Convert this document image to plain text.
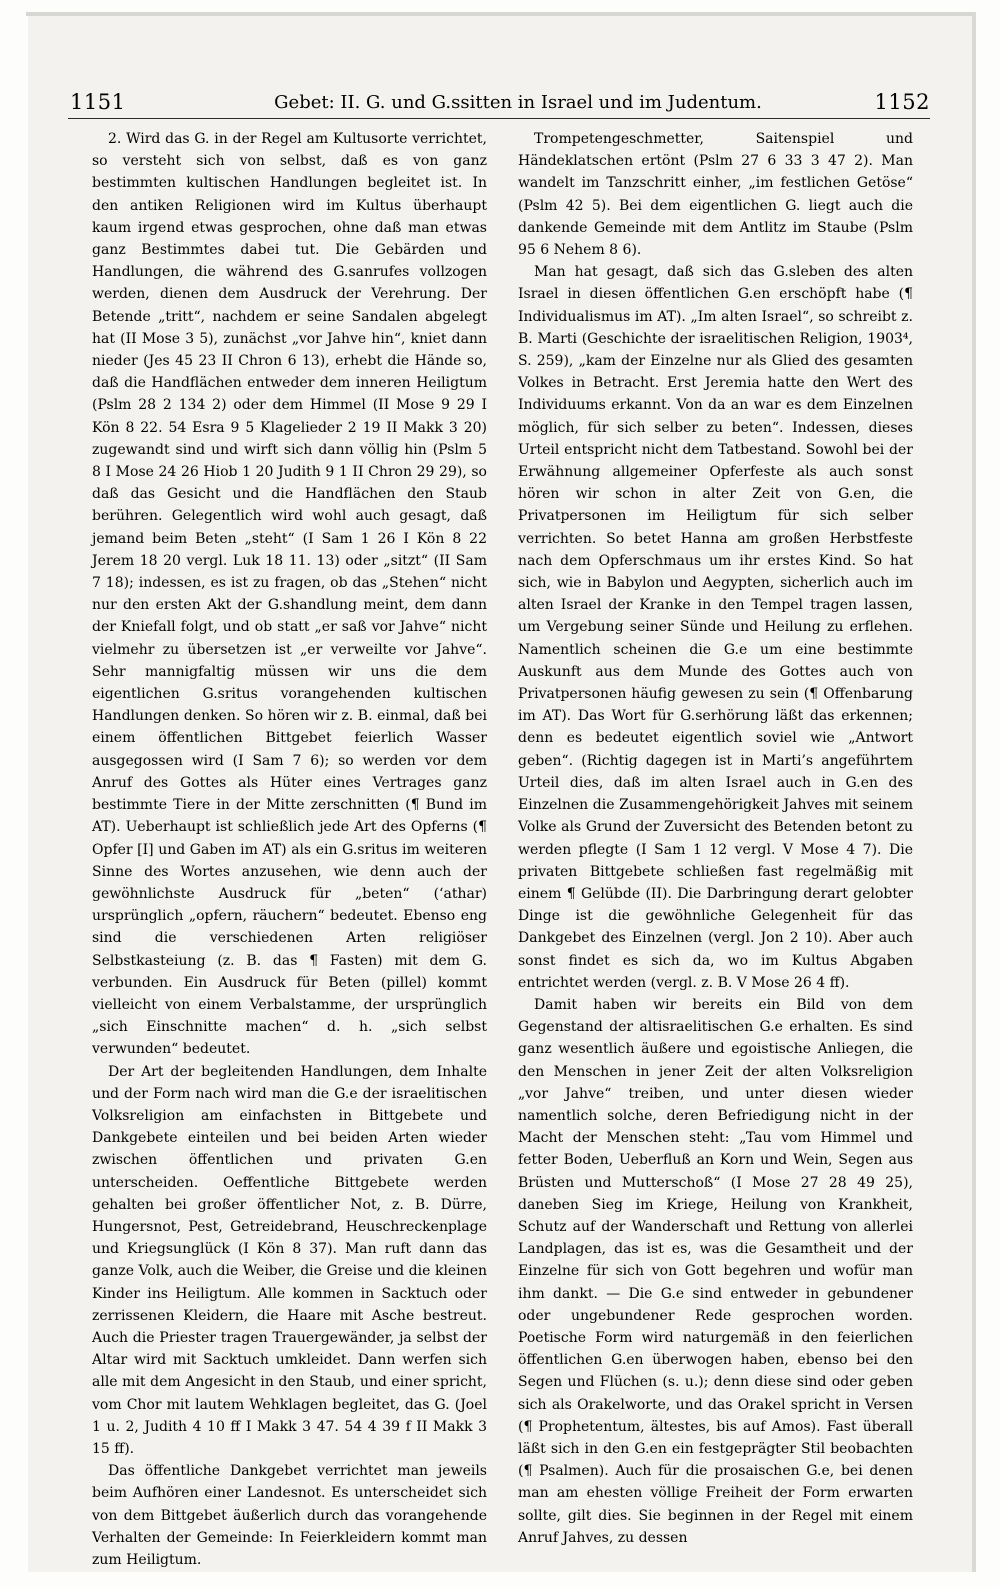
1151	Gebet: II. G. und G.ssitten in Israel und im Judentum.	1152

2. Wird das G. in der Regel am Kultusorte verrichtet, so versteht sich von selbst, daß es von ganz bestimmten kultischen Handlungen begleitet ist. In den antiken Religionen wird im Kultus überhaupt kaum irgend etwas gesprochen, ohne daß man etwas ganz Bestimmtes dabei tut. Die Gebärden und Handlungen, die während des G.sanrufes vollzogen werden, dienen dem Ausdruck der Verehrung. Der Betende „tritt“, nachdem er seine Sandalen abgelegt hat (II Mose 3 5), zunächst „vor Jahve hin“, kniet dann nieder (Jes 45 23 II Chron 6 13), erhebt die Hände so, daß die Handflächen entweder dem inneren Heiligtum (Pslm 28 2 134 2) oder dem Himmel (II Mose 9 29 I Kön 8 22. 54 Esra 9 5 Klagelieder 2 19 II Makk 3 20) zugewandt sind und wirft sich dann völlig hin (Pslm 5 8 I Mose 24 26 Hiob 1 20 Judith 9 1 II Chron 29 29), so daß das Gesicht und die Handflächen den Staub berühren. Gelegentlich wird wohl auch gesagt, daß jemand beim Beten „steht“ (I Sam 1 26 I Kön 8 22 Jerem 18 20 vergl. Luk 18 11. 13) oder „sitzt“ (II Sam 7 18); indessen, es ist zu fragen, ob das „Stehen“ nicht nur den ersten Akt der G.shandlung meint, dem dann der Kniefall folgt, und ob statt „er saß vor Jahve“ nicht vielmehr zu übersetzen ist „er verweilte vor Jahve“. Sehr mannigfaltig müssen wir uns die dem eigentlichen G.sritus vorangehenden kultischen Handlungen denken. So hören wir z. B. einmal, daß bei einem öffentlichen Bittgebet feierlich Wasser ausgegossen wird (I Sam 7 6); so werden vor dem Anruf des Gottes als Hüter eines Vertrages ganz bestimmte Tiere in der Mitte zerschnitten (¶ Bund im AT). Ueberhaupt ist schließlich jede Art des Opferns (¶ Opfer [I] und Gaben im AT) als ein G.sritus im weiteren Sinne des Wortes anzusehen, wie denn auch der gewöhnlichste Ausdruck für „beten“ (‘athar) ursprünglich „opfern, räuchern“ bedeutet. Ebenso eng sind die verschiedenen Arten religiöser Selbstkasteiung (z. B. das ¶ Fasten) mit dem G. verbunden. Ein Ausdruck für Beten (pillel) kommt vielleicht von einem Verbalstamme, der ursprünglich „sich Einschnitte machen“ d. h. „sich selbst verwunden“ bedeutet.

Der Art der begleitenden Handlungen, dem Inhalte und der Form nach wird man die G.e der israelitischen Volksreligion am einfachsten in Bittgebete und Dankgebete einteilen und bei beiden Arten wieder zwischen öffentlichen und privaten G.en unterscheiden. Oeffentliche Bittgebete werden gehalten bei großer öffentlicher Not, z. B. Dürre, Hungersnot, Pest, Getreidebrand, Heuschreckenplage und Kriegsunglück (I Kön 8 37). Man ruft dann das ganze Volk, auch die Weiber, die Greise und die kleinen Kinder ins Heiligtum. Alle kommen in Sacktuch oder zerrissenen Kleidern, die Haare mit Asche bestreut. Auch die Priester tragen Trauergewänder, ja selbst der Altar wird mit Sacktuch umkleidet. Dann werfen sich alle mit dem Angesicht in den Staub, und einer spricht, vom Chor mit lautem Wehklagen begleitet, das G. (Joel 1 u. 2, Judith 4 10 ff I Makk 3 47. 54 4 39 f II Makk 3 15 ff).

Das öffentliche Dankgebet verrichtet man jeweils beim Aufhören einer Landesnot. Es unterscheidet sich von dem Bittgebet äußerlich durch das vorangehende Verhalten der Gemeinde: In Feierkleidern kommt man zum Heiligtum.

Trompetengeschmetter, Saitenspiel und Händeklatschen ertönt (Pslm 27 6 33 3 47 2). Man wandelt im Tanzschritt einher, „im festlichen Getöse“ (Pslm 42 5). Bei dem eigentlichen G. liegt auch die dankende Gemeinde mit dem Antlitz im Staube (Pslm 95 6 Nehem 8 6).

Man hat gesagt, daß sich das G.sleben des alten Israel in diesen öffentlichen G.en erschöpft habe (¶ Individualismus im AT). „Im alten Israel“, so schreibt z. B. Marti (Geschichte der israelitischen Religion, 1903⁴, S. 259), „kam der Einzelne nur als Glied des gesamten Volkes in Betracht. Erst Jeremia hatte den Wert des Individuums erkannt. Von da an war es dem Einzelnen möglich, für sich selber zu beten“. Indessen, dieses Urteil entspricht nicht dem Tatbestand. Sowohl bei der Erwähnung allgemeiner Opferfeste als auch sonst hören wir schon in alter Zeit von G.en, die Privatpersonen im Heiligtum für sich selber verrichten. So betet Hanna am großen Herbstfeste nach dem Opferschmaus um ihr erstes Kind. So hat sich, wie in Babylon und Aegypten, sicherlich auch im alten Israel der Kranke in den Tempel tragen lassen, um Vergebung seiner Sünde und Heilung zu erflehen. Namentlich scheinen die G.e um eine bestimmte Auskunft aus dem Munde des Gottes auch von Privatpersonen häufig gewesen zu sein (¶ Offenbarung im AT). Das Wort für G.serhörung läßt das erkennen; denn es bedeutet eigentlich soviel wie „Antwort geben“. (Richtig dagegen ist in Marti’s angeführtem Urteil dies, daß im alten Israel auch in G.en des Einzelnen die Zusammengehörigkeit Jahves mit seinem Volke als Grund der Zuversicht des Betenden betont zu werden pflegte (I Sam 1 12 vergl. V Mose 4 7). Die privaten Bittgebete schließen fast regelmäßig mit einem ¶ Gelübde (II). Die Darbringung derart gelobter Dinge ist die gewöhnliche Gelegenheit für das Dankgebet des Einzelnen (vergl. Jon 2 10). Aber auch sonst findet es sich da, wo im Kultus Abgaben entrichtet werden (vergl. z. B. V Mose 26 4 ff).

Damit haben wir bereits ein Bild von dem Gegenstand der altisraelitischen G.e erhalten. Es sind ganz wesentlich äußere und egoistische Anliegen, die den Menschen in jener Zeit der alten Volksreligion „vor Jahve“ treiben, und unter diesen wieder namentlich solche, deren Befriedigung nicht in der Macht der Menschen steht: „Tau vom Himmel und fetter Boden, Ueberfluß an Korn und Wein, Segen aus Brüsten und Mutterschoß“ (I Mose 27 28 49 25), daneben Sieg im Kriege, Heilung von Krankheit, Schutz auf der Wanderschaft und Rettung von allerlei Landplagen, das ist es, was die Gesamtheit und der Einzelne für sich von Gott begehren und wofür man ihm dankt. — Die G.e sind entweder in gebundener oder ungebundener Rede gesprochen worden. Poetische Form wird naturgemäß in den feierlichen öffentlichen G.en überwogen haben, ebenso bei den Segen und Flüchen (s. u.); denn diese sind oder geben sich als Orakelworte, und das Orakel spricht in Versen (¶ Prophetentum, ältestes, bis auf Amos). Fast überall läßt sich in den G.en ein festgeprägter Stil beobachten (¶ Psalmen). Auch für die prosaischen G.e, bei denen man am ehesten völlige Freiheit der Form erwarten sollte, gilt dies. Sie beginnen in der Regel mit einem Anruf Jahves, zu dessen
